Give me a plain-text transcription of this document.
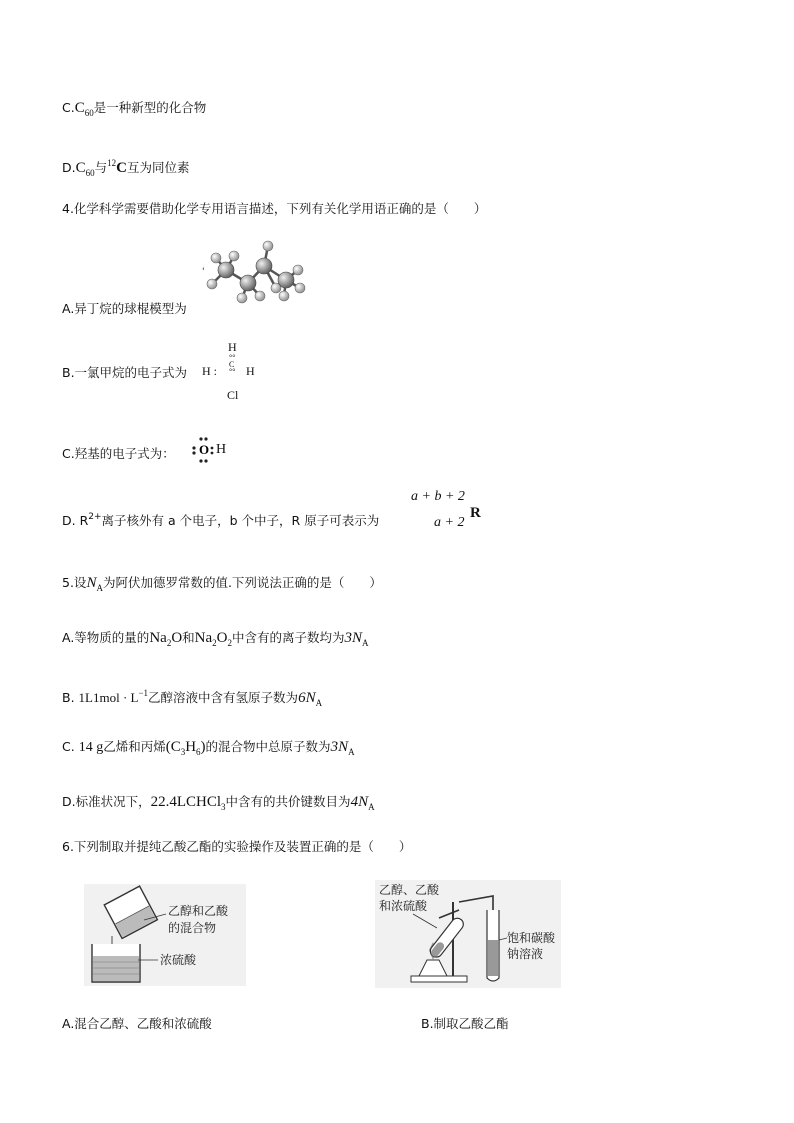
$C.C_{60}$是一种新型的化合物
$D.C_{60}$与$^{12}$C互为同位素
4.化学科学需要借助化学专用语言描述，下列有关化学用语正确的是（　　）
'
A.异丁烷的球棍模型为
B.一氯甲烷的电子式为
H
H :
°°
C
°° H
Cl
C.羟基的电子式为： O H
D. $R^{2+}$离子核外有 a 个电子，b 个中子，R 原子可表示为
a + b + 2
a + 2
R
5.设$N_A$为阿伏加德罗常数的值.下列说法正确的是（　　）
A.等物质的量的$Na_2O$和$Na_2O_2$中含有的离子数均为$3N_A$
B. $1L1mol \cdot L^{-1}$乙醇溶液中含有氢原子数为$6N_A$
C. 14 g乙烯和丙烯$(C_3H_6)$的混合物中总原子数为$3N_A$
D.标准状况下，22.4LCHCl$_3$中含有的共价键数目为$4N_A$
6.下列制取并提纯乙酸乙酯的实验操作及装置正确的是（　　）
乙醇和乙酸
的混合物
浓硫酸
乙醇、乙酸
和浓硫酸
饱和碳酸
钠溶液
A.混合乙醇、乙酸和浓硫酸	B.制取乙酸乙酯
